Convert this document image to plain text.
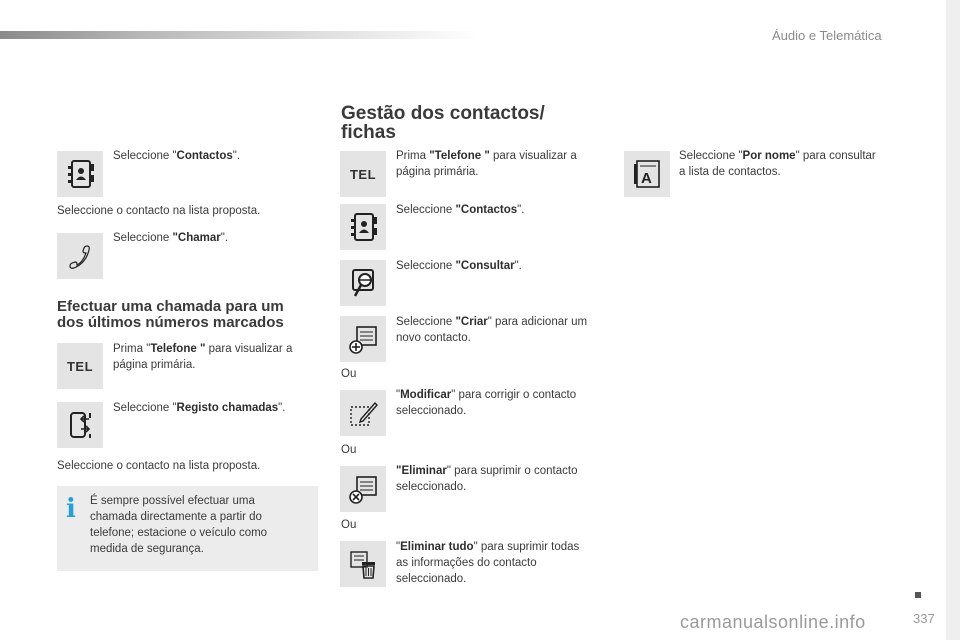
Áudio e Telemática
Seleccione "Contactos".
Seleccione o contacto na lista proposta.
Seleccione "Chamar".
Efectuar uma chamada para um
dos últimos números marcados
TEL
Prima "Telefone " para visualizar a página primária.
Seleccione "Registo chamadas".
Seleccione o contacto na lista proposta.
i É sempre possível efectuar uma chamada directamente a partir do telefone; estacione o veículo como medida de segurança.
Gestão dos contactos/
fichas
TEL
Prima "Telefone " para visualizar a página primária.
Seleccione "Contactos".
Seleccione "Consultar".
Seleccione "Criar" para adicionar um novo contacto.
Ou
"Modificar" para corrigir o contacto seleccionado.
Ou
"Eliminar" para suprimir o contacto seleccionado.
Ou
"Eliminar tudo" para suprimir todas as informações do contacto seleccionado.
A
Seleccione "Por nome" para consultar a lista de contactos.
337
carmanualsonline.info
